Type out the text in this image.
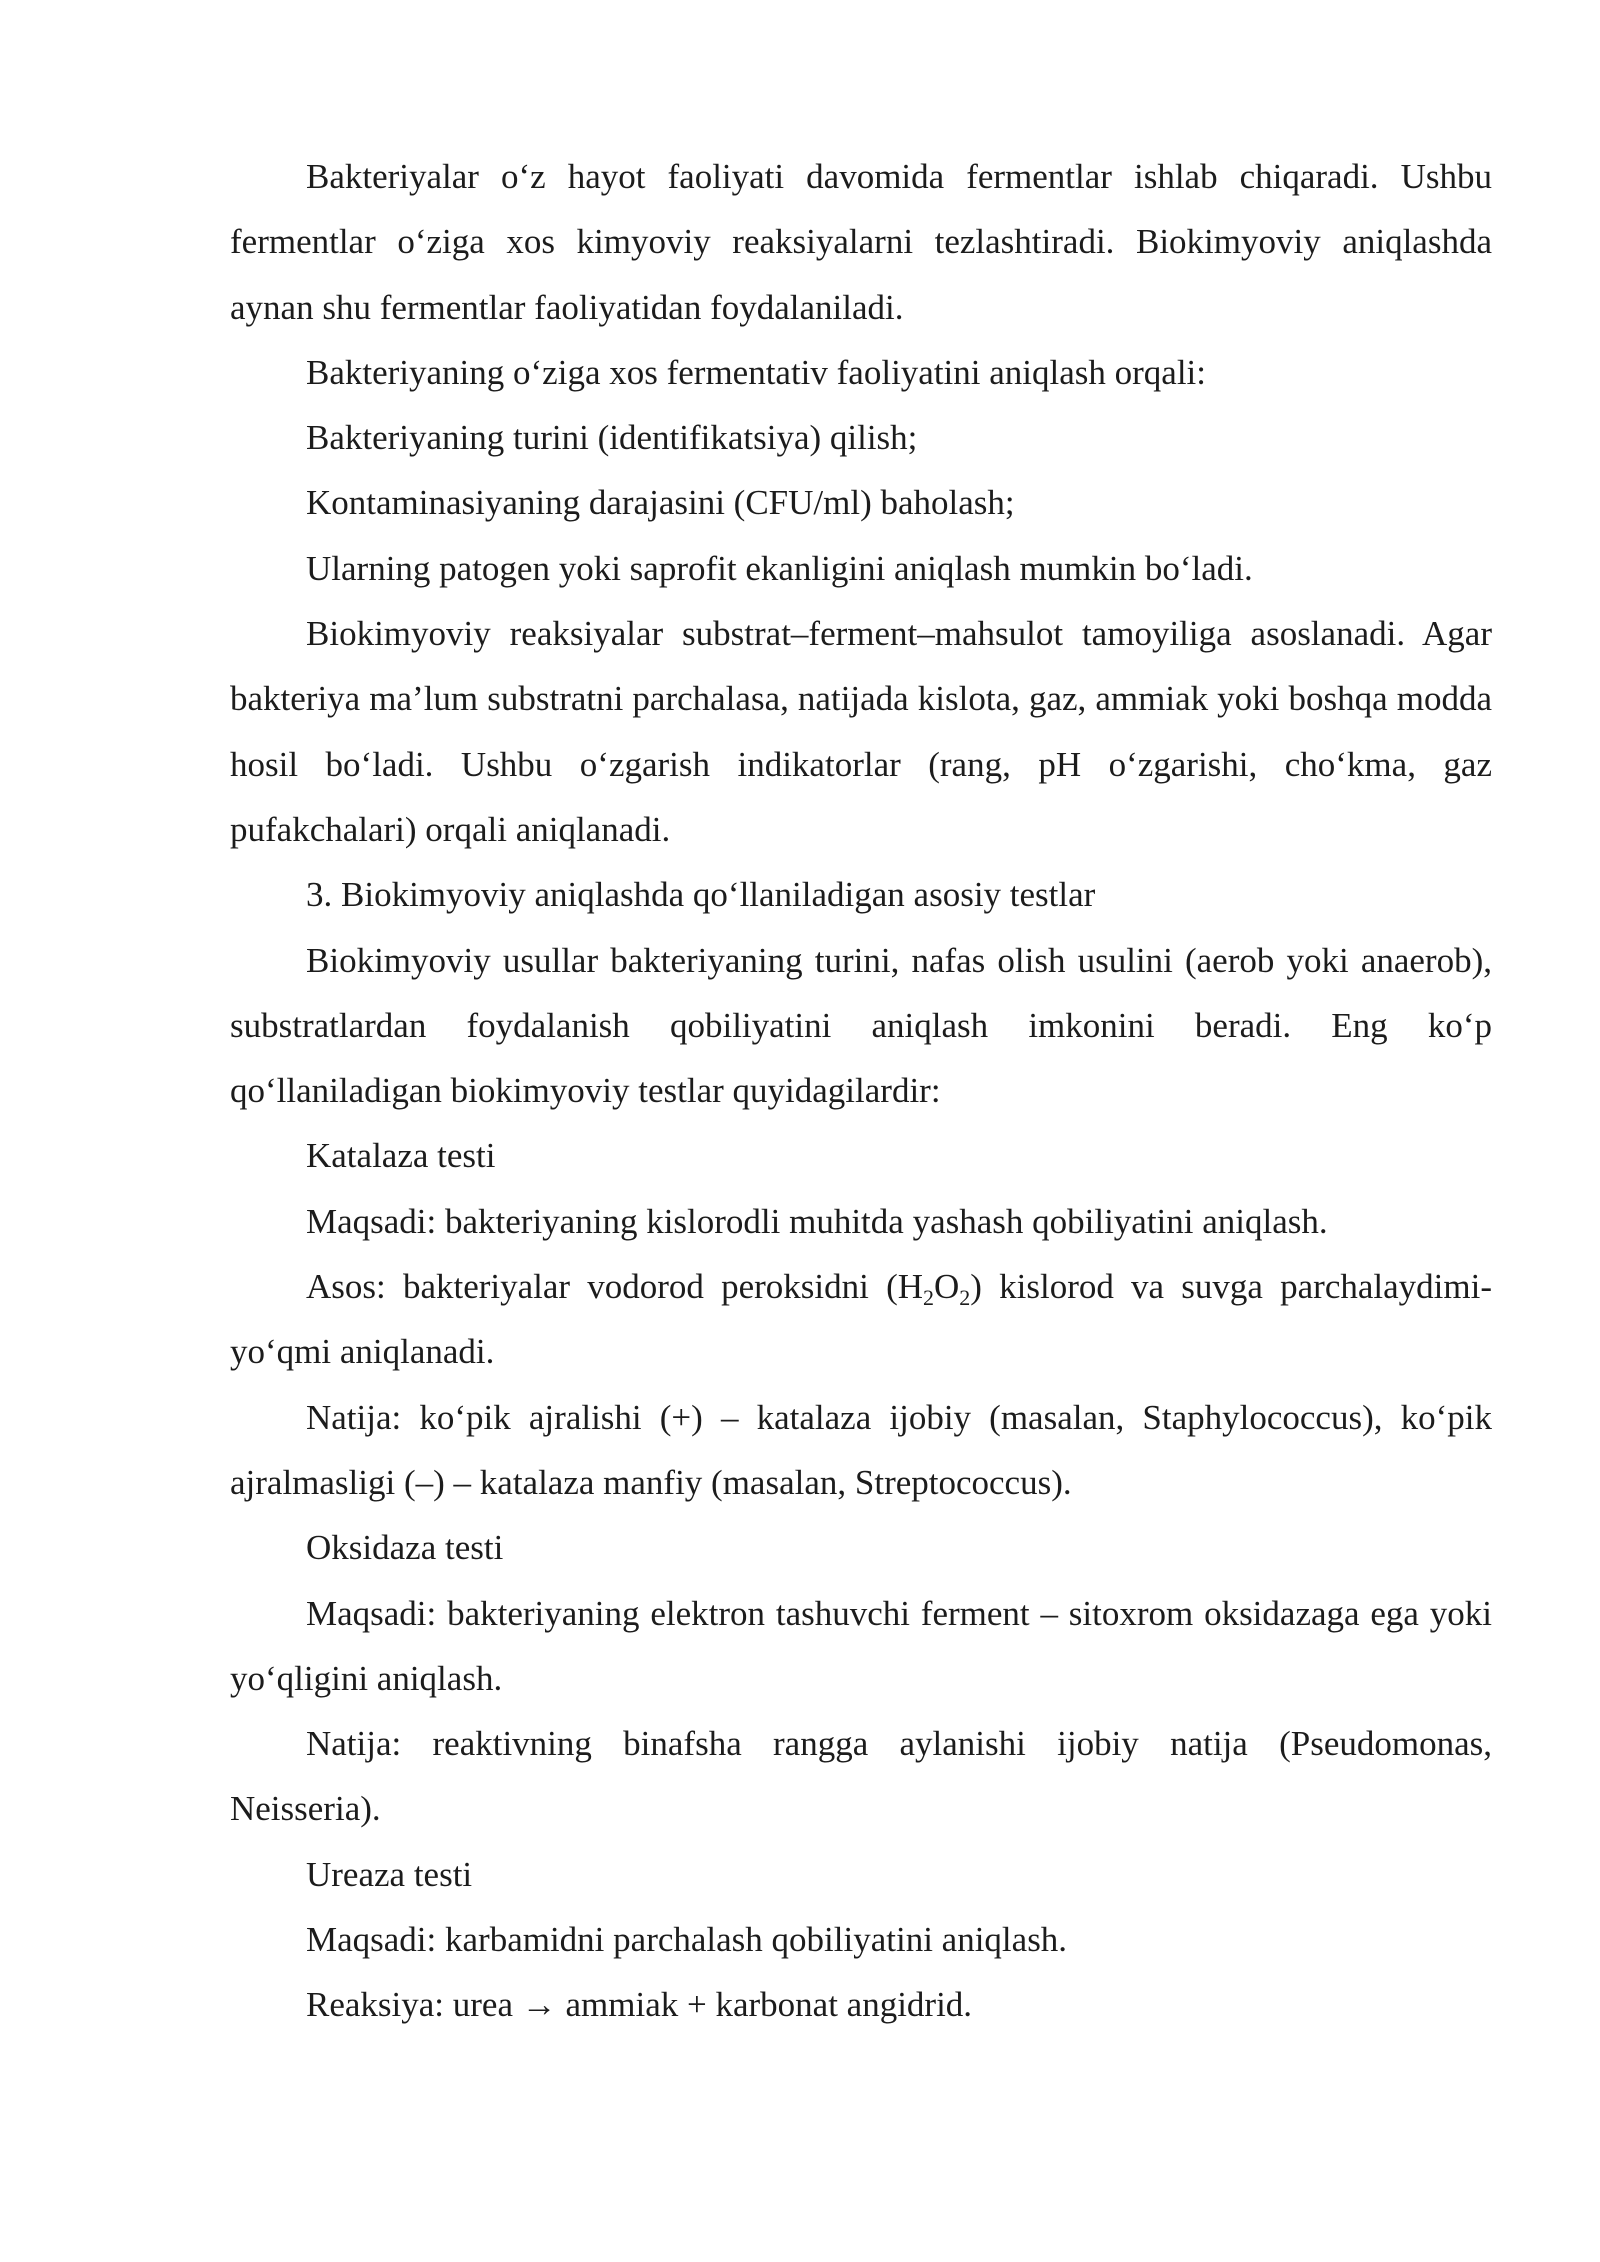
Bakteriyalar o‘z hayot faoliyati davomida fermentlar ishlab chiqaradi. Ushbu fermentlar o‘ziga xos kimyoviy reaksiyalarni tezlashtiradi. Biokimyoviy aniqlashda aynan shu fermentlar faoliyatidan foydalaniladi.

Bakteriyaning o‘ziga xos fermentativ faoliyatini aniqlash orqali:

Bakteriyaning turini (identifikatsiya) qilish;

Kontaminasiyaning darajasini (CFU/ml) baholash;

Ularning patogen yoki saprofit ekanligini aniqlash mumkin bo‘ladi.

Biokimyoviy reaksiyalar substrat–ferment–mahsulot tamoyiliga asoslanadi. Agar bakteriya ma’lum substratni parchalasa, natijada kislota, gaz, ammiak yoki boshqa modda hosil bo‘ladi. Ushbu o‘zgarish indikatorlar (rang, pH o‘zgarishi, cho‘kma, gaz pufakchalari) orqali aniqlanadi.

3. Biokimyoviy aniqlashda qo‘llaniladigan asosiy testlar

Biokimyoviy usullar bakteriyaning turini, nafas olish usulini (aerob yoki anaerob), substratlardan foydalanish qobiliyatini aniqlash imkonini beradi. Eng ko‘p qo‘llaniladigan biokimyoviy testlar quyidagilardir:

Katalaza testi

Maqsadi: bakteriyaning kislorodli muhitda yashash qobiliyatini aniqlash.

Asos: bakteriyalar vodorod peroksidni $(H_2O_2)$ kislorod va suvga parchalaydimi-yo‘qmi aniqlanadi.

Natija: ko‘pik ajralishi (+) – katalaza ijobiy (masalan, Staphylococcus), ko‘pik ajralmasligi (–) – katalaza manfiy (masalan, Streptococcus).

Oksidaza testi

Maqsadi: bakteriyaning elektron tashuvchi ferment – sitoxrom oksidazaga ega yoki yo‘qligini aniqlash.

Natija: reaktivning binafsha rangga aylanishi ijobiy natija (Pseudomonas, Neisseria).

Ureaza testi

Maqsadi: karbamidni parchalash qobiliyatini aniqlash.

Reaksiya: urea → ammiak + karbonat angidrid.
